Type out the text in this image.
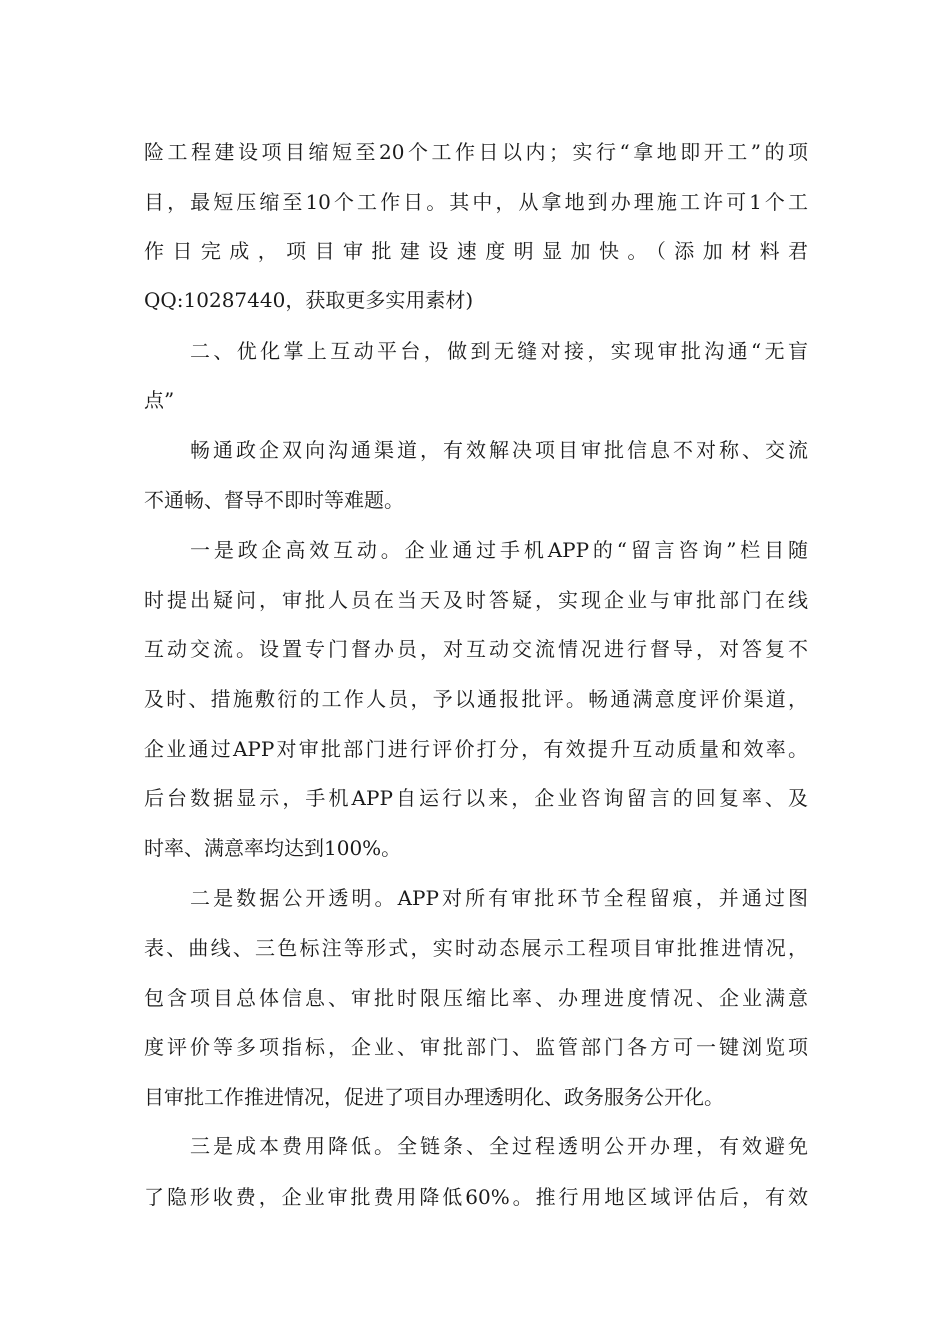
险工程建设项目缩短至20个工作日以内；实行“拿地即开工”的项
目，最短压缩至10个工作日。其中，从拿地到办理施工许可1个工
作日完成，项目审批建设速度明显加快。（添加材料君
QQ:10287440，获取更多实用素材)
二、优化掌上互动平台，做到无缝对接，实现审批沟通“无盲
点”
畅通政企双向沟通渠道，有效解决项目审批信息不对称、交流
不通畅、督导不即时等难题。
一是政企高效互动。企业通过手机APP的“留言咨询”栏目随
时提出疑问，审批人员在当天及时答疑，实现企业与审批部门在线
互动交流。设置专门督办员，对互动交流情况进行督导，对答复不
及时、措施敷衍的工作人员，予以通报批评。畅通满意度评价渠道，
企业通过APP对审批部门进行评价打分，有效提升互动质量和效率。
后台数据显示，手机APP自运行以来，企业咨询留言的回复率、及
时率、满意率均达到100%。
二是数据公开透明。APP对所有审批环节全程留痕，并通过图
表、曲线、三色标注等形式，实时动态展示工程项目审批推进情况，
包含项目总体信息、审批时限压缩比率、办理进度情况、企业满意
度评价等多项指标，企业、审批部门、监管部门各方可一键浏览项
目审批工作推进情况，促进了项目办理透明化、政务服务公开化。
三是成本费用降低。全链条、全过程透明公开办理，有效避免
了隐形收费，企业审批费用降低60%。推行用地区域评估后，有效
